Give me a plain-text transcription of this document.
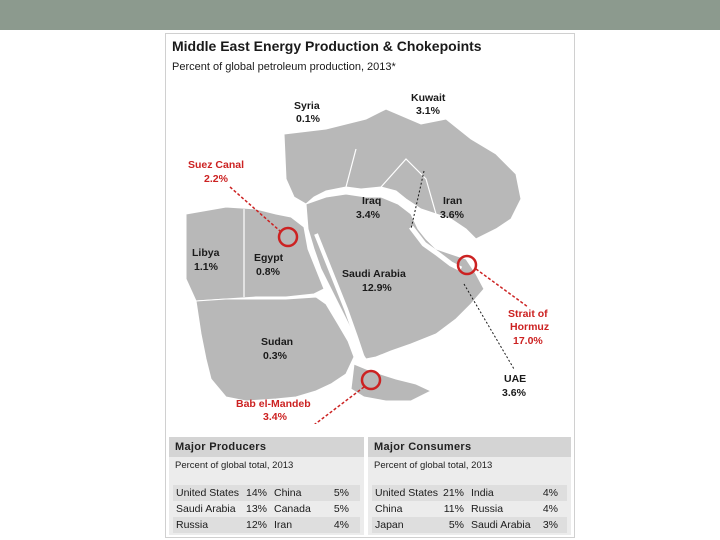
Middle East Energy Production & Chokepoints
Percent of global petroleum production, 2013*
Syria
0.1%
Kuwait
3.1%
Iraq
3.4%
Iran
3.6%
Libya
1.1%
Egypt
0.8%	Saudi Arabia
12.9%
Sudan
0.3%
UAE
3.6%
Suez Canal
2.2%
Strait of
Hormuz
17.0%
Bab el-Mandeb
3.4%
Major Producers
Percent of global total, 2013
United States 14% China	5%
Saudi Arabia 13% Canada	5%
Russia	12% Iran	4%
Major Consumers
Percent of global total, 2013
United States 21% India	4%
China	11% Russia	4%
Japan	5% Saudi Arabia	3%
